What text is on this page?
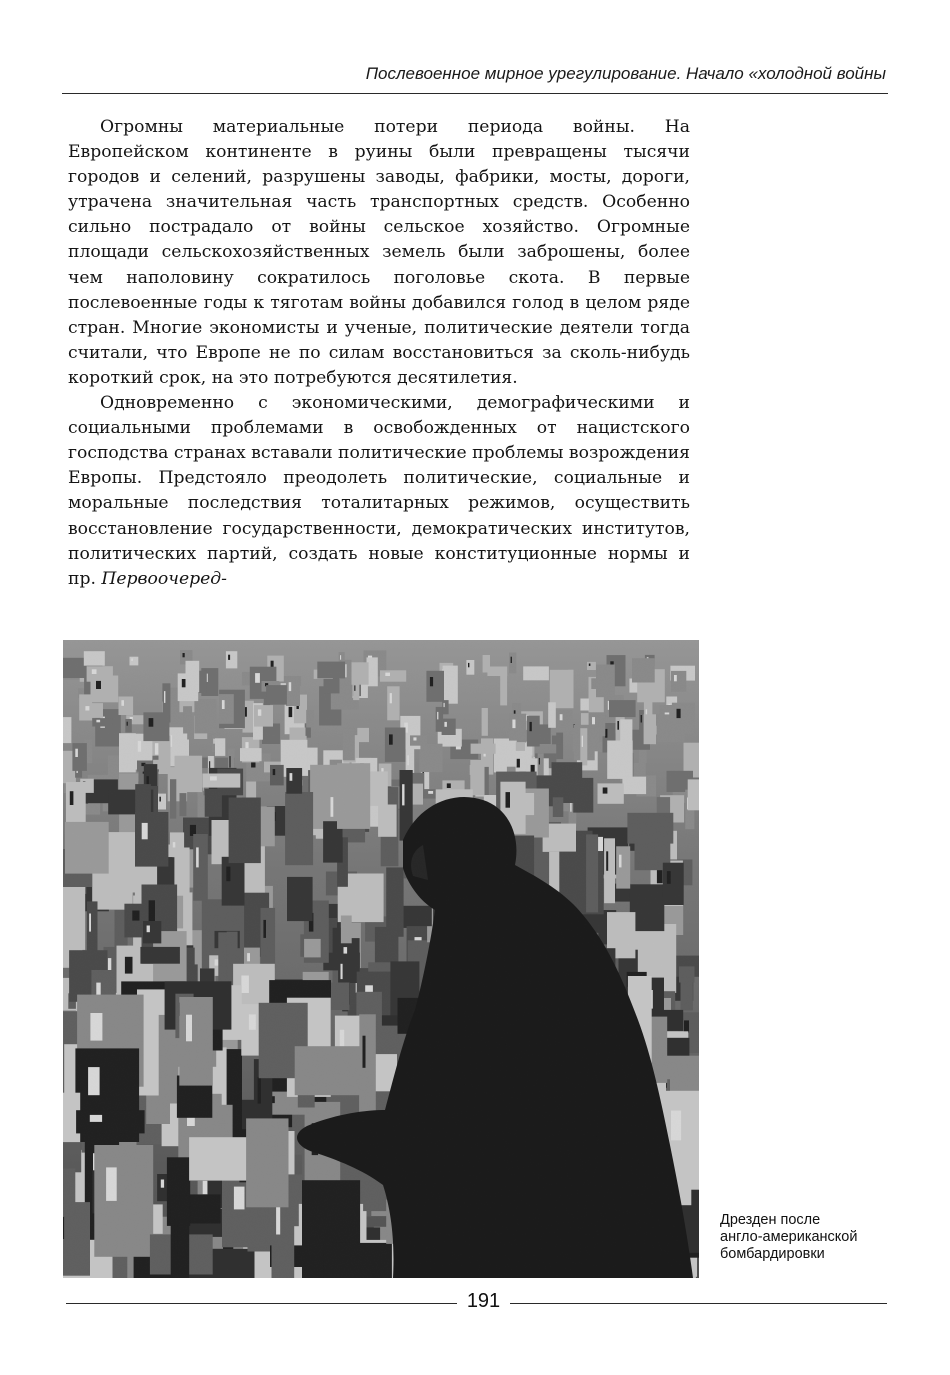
Послевоенное мирное урегулирование. Начало «холодной войны

Огромны материальные потери периода войны. На Европейском континенте в руины были превращены тысячи городов и селений, разрушены заводы, фабрики, мосты, дороги, утрачена значительная часть транспортных средств. Особенно сильно пострадало от войны сельское хозяйство. Огромные площади сельскохозяйственных земель были заброшены, более чем наполовину сократилось поголовье скота. В первые послевоенные годы к тяготам войны добавился голод в целом ряде стран. Многие экономисты и ученые, политические деятели тогда считали, что Европе не по силам восстановиться за сколь-нибудь короткий срок, на это потребуются десятилетия.

Одновременно с экономическими, демографическими и социальными проблемами в освобожденных от нацистского господства странах вставали политические проблемы возрождения Европы. Предстояло преодолеть политические, социальные и моральные последствия тоталитарных режимов, осуществить восстановление государственности, демократических институтов, политических партий, создать новые конституционные нормы и пр. Первоочеред-

Дрезден после
англо-американской
бомбардировки
191
